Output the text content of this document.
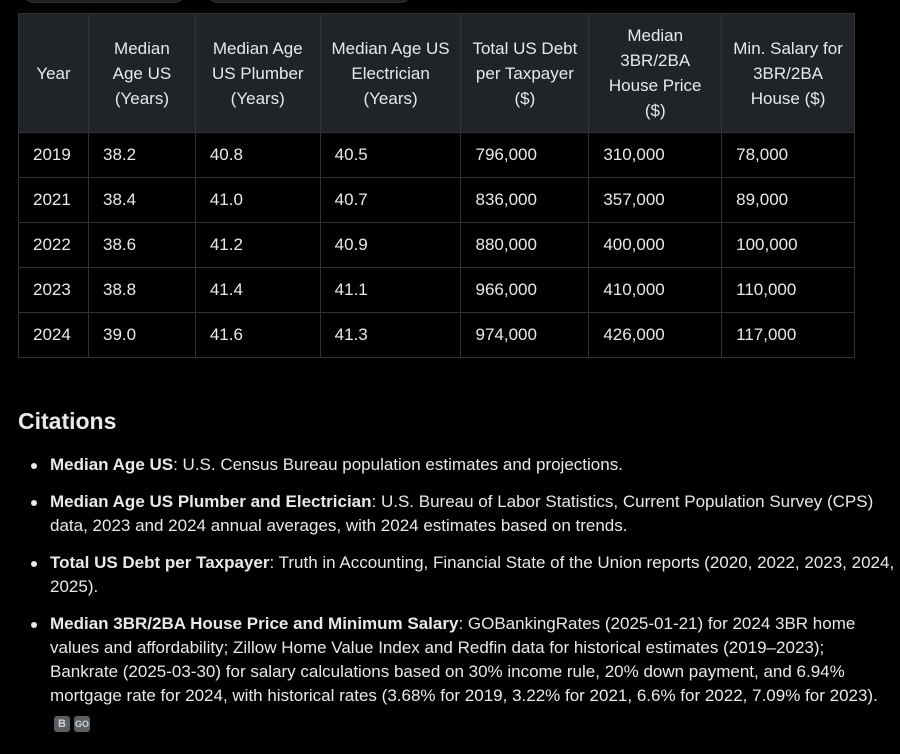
Year	Median Age US (Years)	Median Age US Plumber (Years)	Median Age US Electrician (Years)	Total US Debt per Taxpayer ($)	Median 3BR/2BA House Price ($)	Min. Salary for 3BR/2BA House ($)
2019	38.2	40.8	40.5	796,000	310,000	78,000
2021	38.4	41.0	40.7	836,000	357,000	89,000
2022	38.6	41.2	40.9	880,000	400,000	100,000
2023	38.8	41.4	41.1	966,000	410,000	110,000
2024	39.0	41.6	41.3	974,000	426,000	117,000
Citations
Median Age US: U.S. Census Bureau population estimates and projections.
Median Age US Plumber and Electrician: U.S. Bureau of Labor Statistics, Current Population Survey (CPS) data, 2023 and 2024 annual averages, with 2024 estimates based on trends.
Total US Debt per Taxpayer: Truth in Accounting, Financial State of the Union reports (2020, 2022, 2023, 2024, 2025).
Median 3BR/2BA House Price and Minimum Salary: GOBankingRates (2025-01-21) for 2024 3BR home values and affordability; Zillow Home Value Index and Redfin data for historical estimates (2019–2023); Bankrate (2025-03-30) for salary calculations based on 30% income rule, 20% down payment, and 6.94% mortgage rate for 2024, with historical rates (3.68% for 2019, 3.22% for 2021, 6.6% for 2022, 7.09% for 2023).B GO
